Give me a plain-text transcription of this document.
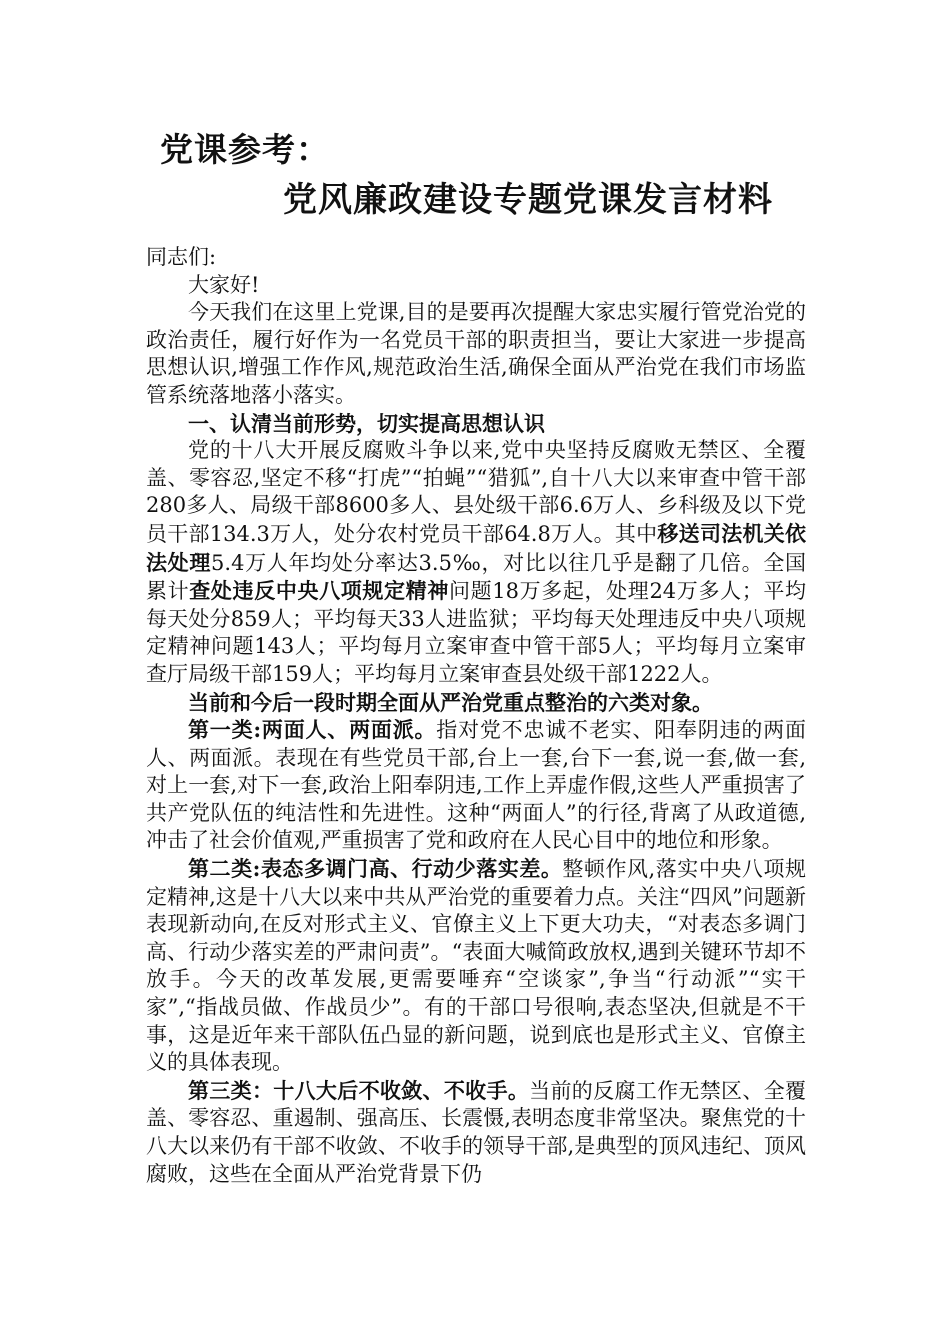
党课参考：
党风廉政建设专题党课发言材料

同志们:

大家好!

今天我们在这里上党课,目的是要再次提醒大家忠实履行管党治党的政治责任，履行好作为一名党员干部的职责担当，要让大家进一步提高思想认识,增强工作作风,规范政治生活,确保全面从严治党在我们市场监管系统落地落小落实。

一、认清当前形势，切实提高思想认识

党的十八大开展反腐败斗争以来,党中央坚持反腐败无禁区、全覆盖、零容忍,坚定不移“打虎”“拍蝇”“猎狐”,自十八大以来审查中管干部280多人、局级干部8600多人、县处级干部6.6万人、乡科级及以下党员干部134.3万人，处分农村党员干部64.8万人。其中移送司法机关依法处理5.4万人年均处分率达3.5‰，对比以往几乎是翻了几倍。全国累计查处违反中央八项规定精神问题18万多起，处理24万多人；平均每天处分859人；平均每天33人进监狱；平均每天处理违反中央八项规定精神问题143人；平均每月立案审查中管干部5人；平均每月立案审查厅局级干部159人；平均每月立案审查县处级干部1222人。

当前和今后一段时期全面从严治党重点整治的六类对象。

第一类:两面人、两面派。指对党不忠诚不老实、阳奉阴违的两面人、两面派。表现在有些党员干部,台上一套,台下一套,说一套,做一套,对上一套,对下一套,政治上阳奉阴违,工作上弄虚作假,这些人严重损害了共产党队伍的纯洁性和先进性。这种“两面人”的行径,背离了从政道德,冲击了社会价值观,严重损害了党和政府在人民心目中的地位和形象。

第二类:表态多调门高、行动少落实差。整顿作风,落实中央八项规定精神,这是十八大以来中共从严治党的重要着力点。关注“四风”问题新表现新动向,在反对形式主义、官僚主义上下更大功夫，“对表态多调门高、行动少落实差的严肃问责”。“表面大喊简政放权,遇到关键环节却不放手。今天的改革发展,更需要唾弃“空谈家”,争当“行动派”“实干家”,“指战员做、作战员少”。有的干部口号很响,表态坚决,但就是不干事，这是近年来干部队伍凸显的新问题，说到底也是形式主义、官僚主义的具体表现。

第三类：十八大后不收敛、不收手。当前的反腐工作无禁区、全覆盖、零容忍、重遏制、强高压、长震慑,表明态度非常坚决。聚焦党的十八大以来仍有干部不收敛、不收手的领导干部,是典型的顶风违纪、顶风腐败，这些在全面从严治党背景下仍
